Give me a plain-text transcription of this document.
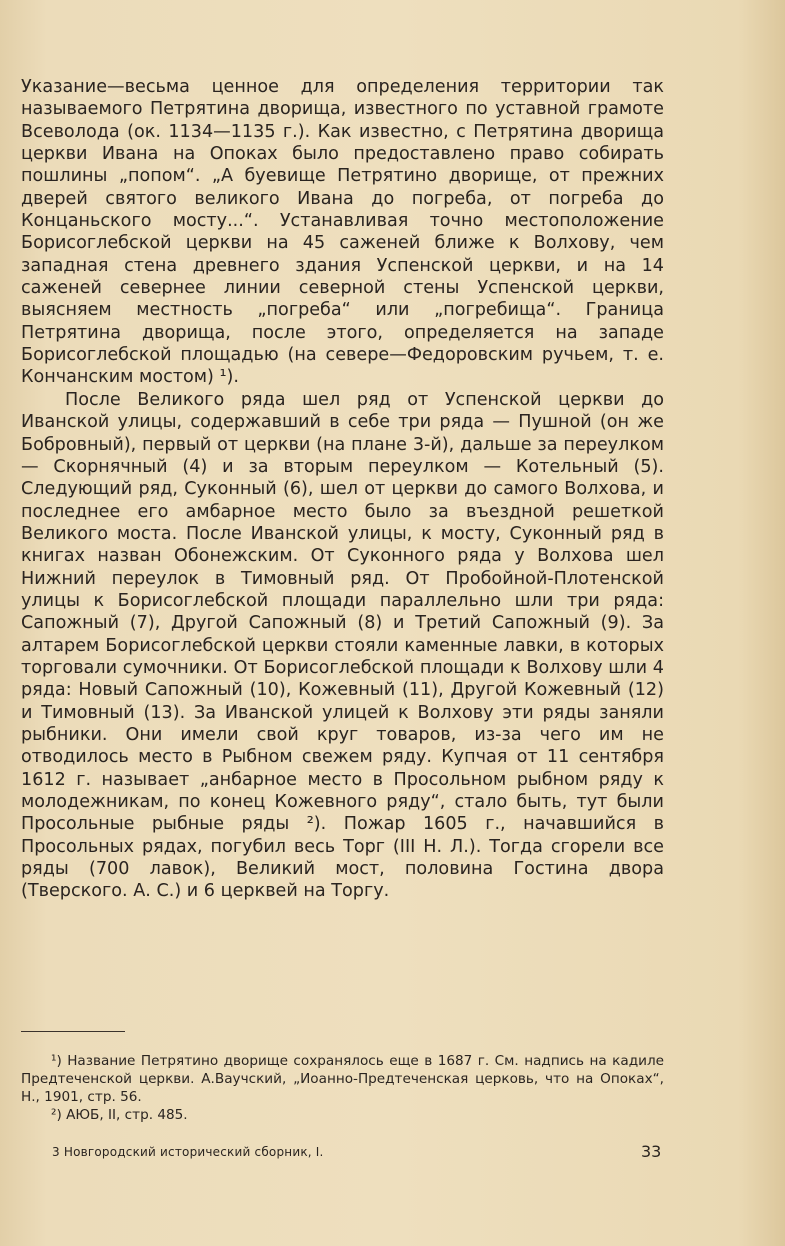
Указание—весьма ценное для определения территории так называемого Петрятина дворища, известного по уставной грамоте Всеволода (ок. 1134—1135 г.). Как известно, с Петрятина дворища церкви Ивана на Опоках было предоставлено право собирать пошлины „попом“. „А буевище Петрятино дворище, от прежних дверей святого великого Ивана до погреба, от погреба до Концаньского мосту...“. Устанавливая точно местоположение Борисоглебской церкви на 45 саженей ближе к Волхову, чем западная стена древнего здания Успенской церкви, и на 14 саженей севернее линии северной стены Успенской церкви, выясняем местность „погреба“ или „погребища“. Граница Петрятина дворища, после этого, определяется на западе Борисоглебской площадью (на севере—Федоровским ручьем, т. е. Кончанским мостом) ¹).

После Великого ряда шел ряд от Успенской церкви до Иванской улицы, содержавший в себе три ряда — Пушной (он же Бобровный), первый от церкви (на плане 3-й), дальше за переулком — Скорнячный (4) и за вторым переулком — Котельный (5). Следующий ряд, Суконный (6), шел от церкви до самого Волхова, и последнее его амбарное место было за въездной решеткой Великого моста. После Иванской улицы, к мосту, Суконный ряд в книгах назван Обонежским. От Суконного ряда у Волхова шел Нижний переулок в Тимовный ряд. От Пробойной-Плотенской улицы к Борисоглебской площади параллельно шли три ряда: Сапожный (7), Другой Сапожный (8) и Третий Сапожный (9). За алтарем Борисоглебской церкви стояли каменные лавки, в которых торговали сумочники. От Борисоглебской площади к Волхову шли 4 ряда: Новый Сапожный (10), Кожевный (11), Другой Кожевный (12) и Тимовный (13). За Иванской улицей к Волхову эти ряды заняли рыбники. Они имели свой круг товаров, из-за чего им не отводилось место в Рыбном свежем ряду. Купчая от 11 сентября 1612 г. называет „анбарное место в Просольном рыбном ряду к молодежникам, по конец Кожевного ряду“, стало быть, тут были Просольные рыбные ряды ²). Пожар 1605 г., начавшийся в Просольных рядах, погубил весь Торг (III Н. Л.). Тогда сгорели все ряды (700 лавок), Великий мост, половина Гостина двора (Тверского. А. С.) и 6 церквей на Торгу.

¹) Название Петрятино дворище сохранялось еще в 1687 г. См. надпись на кадиле Предтеченской церкви. А.Ваучский, „Иоанно-Предтеченская церковь, что на Опоках“, Н., 1901, стр. 56.

²) АЮБ, II, стр. 485.

3 Новгородский исторический сборник, I.	33
